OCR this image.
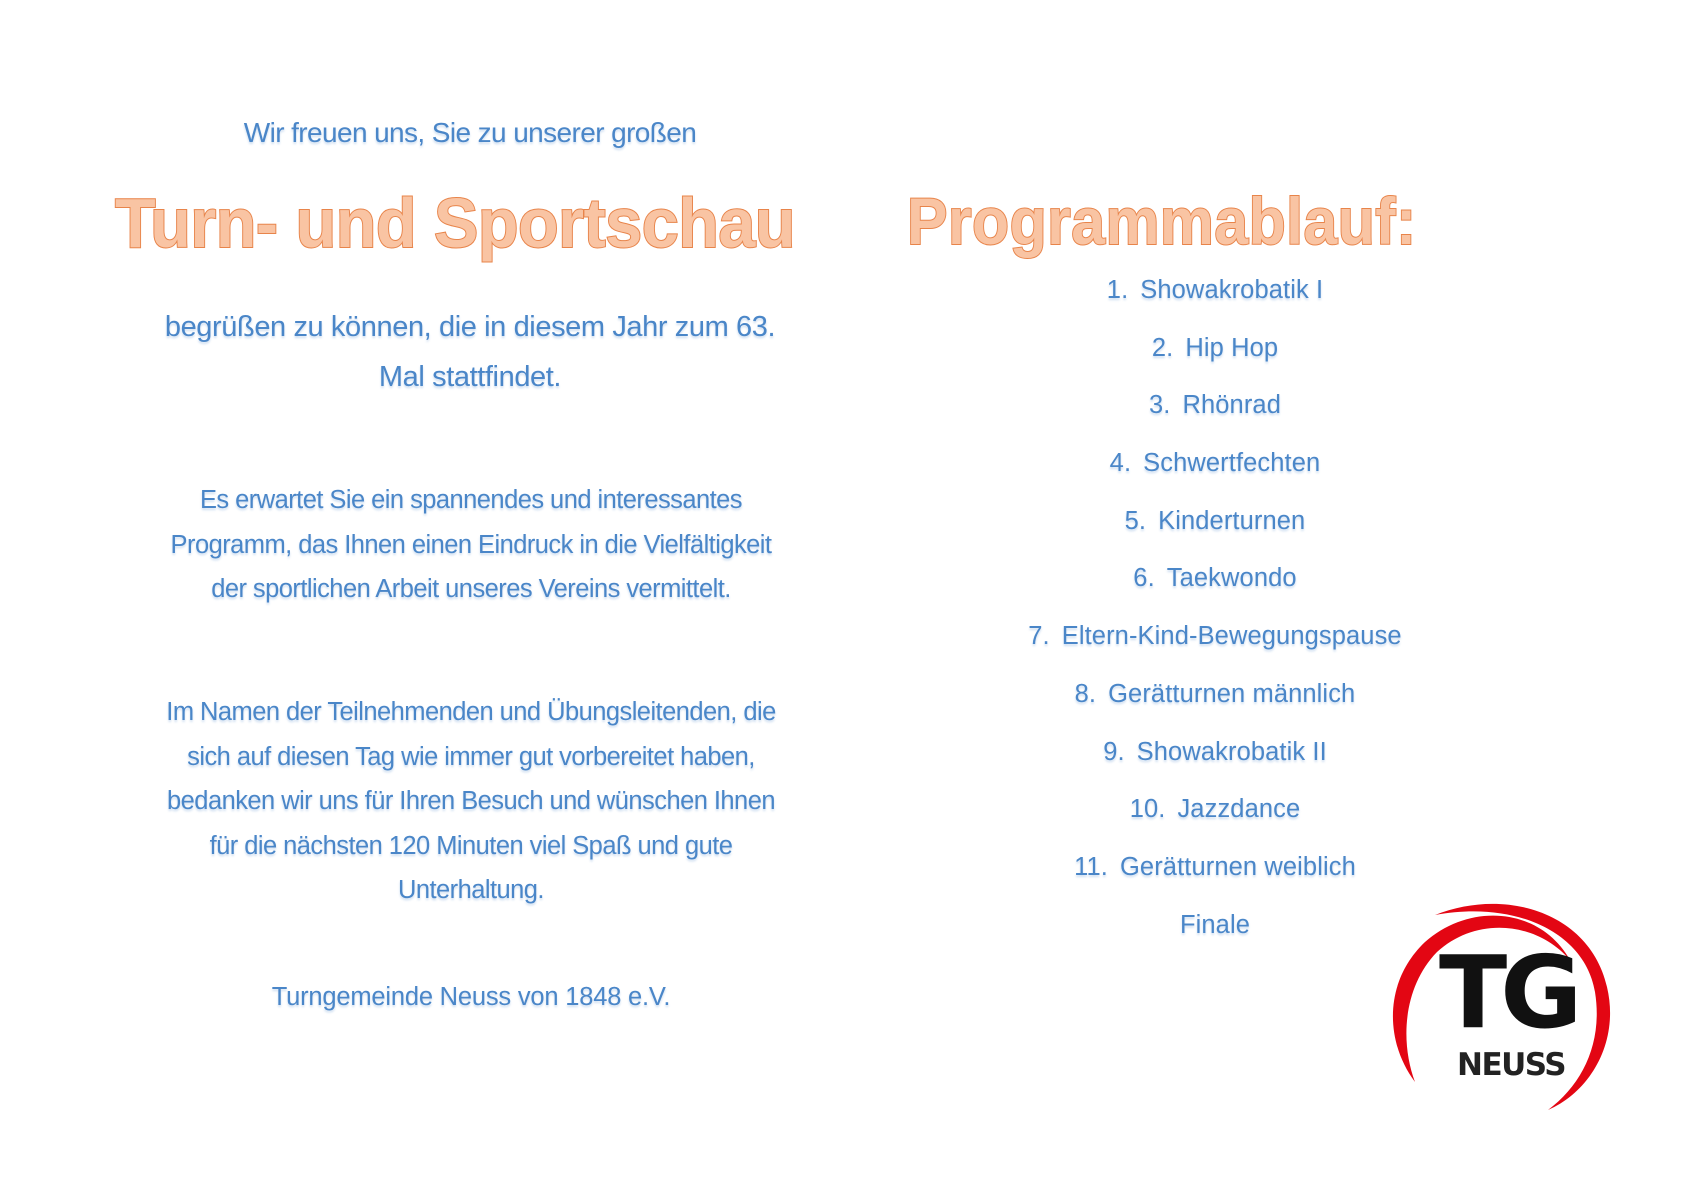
Wir freuen uns, Sie zu unserer großen
Turn- und Sportschau
begrüßen zu können, die in diesem Jahr zum 63.
Mal stattfindet.
Es erwartet Sie ein spannendes und interessantes
Programm, das Ihnen einen Eindruck in die Vielfältigkeit
der sportlichen Arbeit unseres Vereins vermittelt.
Im Namen der Teilnehmenden und Übungsleitenden, die
sich auf diesen Tag wie immer gut vorbereitet haben,
bedanken wir uns für Ihren Besuch und wünschen Ihnen
für die nächsten 120 Minuten viel Spaß und gute
Unterhaltung.
Turngemeinde Neuss von 1848 e.V.
Programmablauf:
1. Showakrobatik I
2. Hip Hop
3. Rhönrad
4. Schwertfechten
5. Kinderturnen
6. Taekwondo
7. Eltern-Kind-Bewegungspause
8. Gerätturnen männlich
9. Showakrobatik II
10. Jazzdance
11. Gerätturnen weiblich
Finale
TG
NEUSS
